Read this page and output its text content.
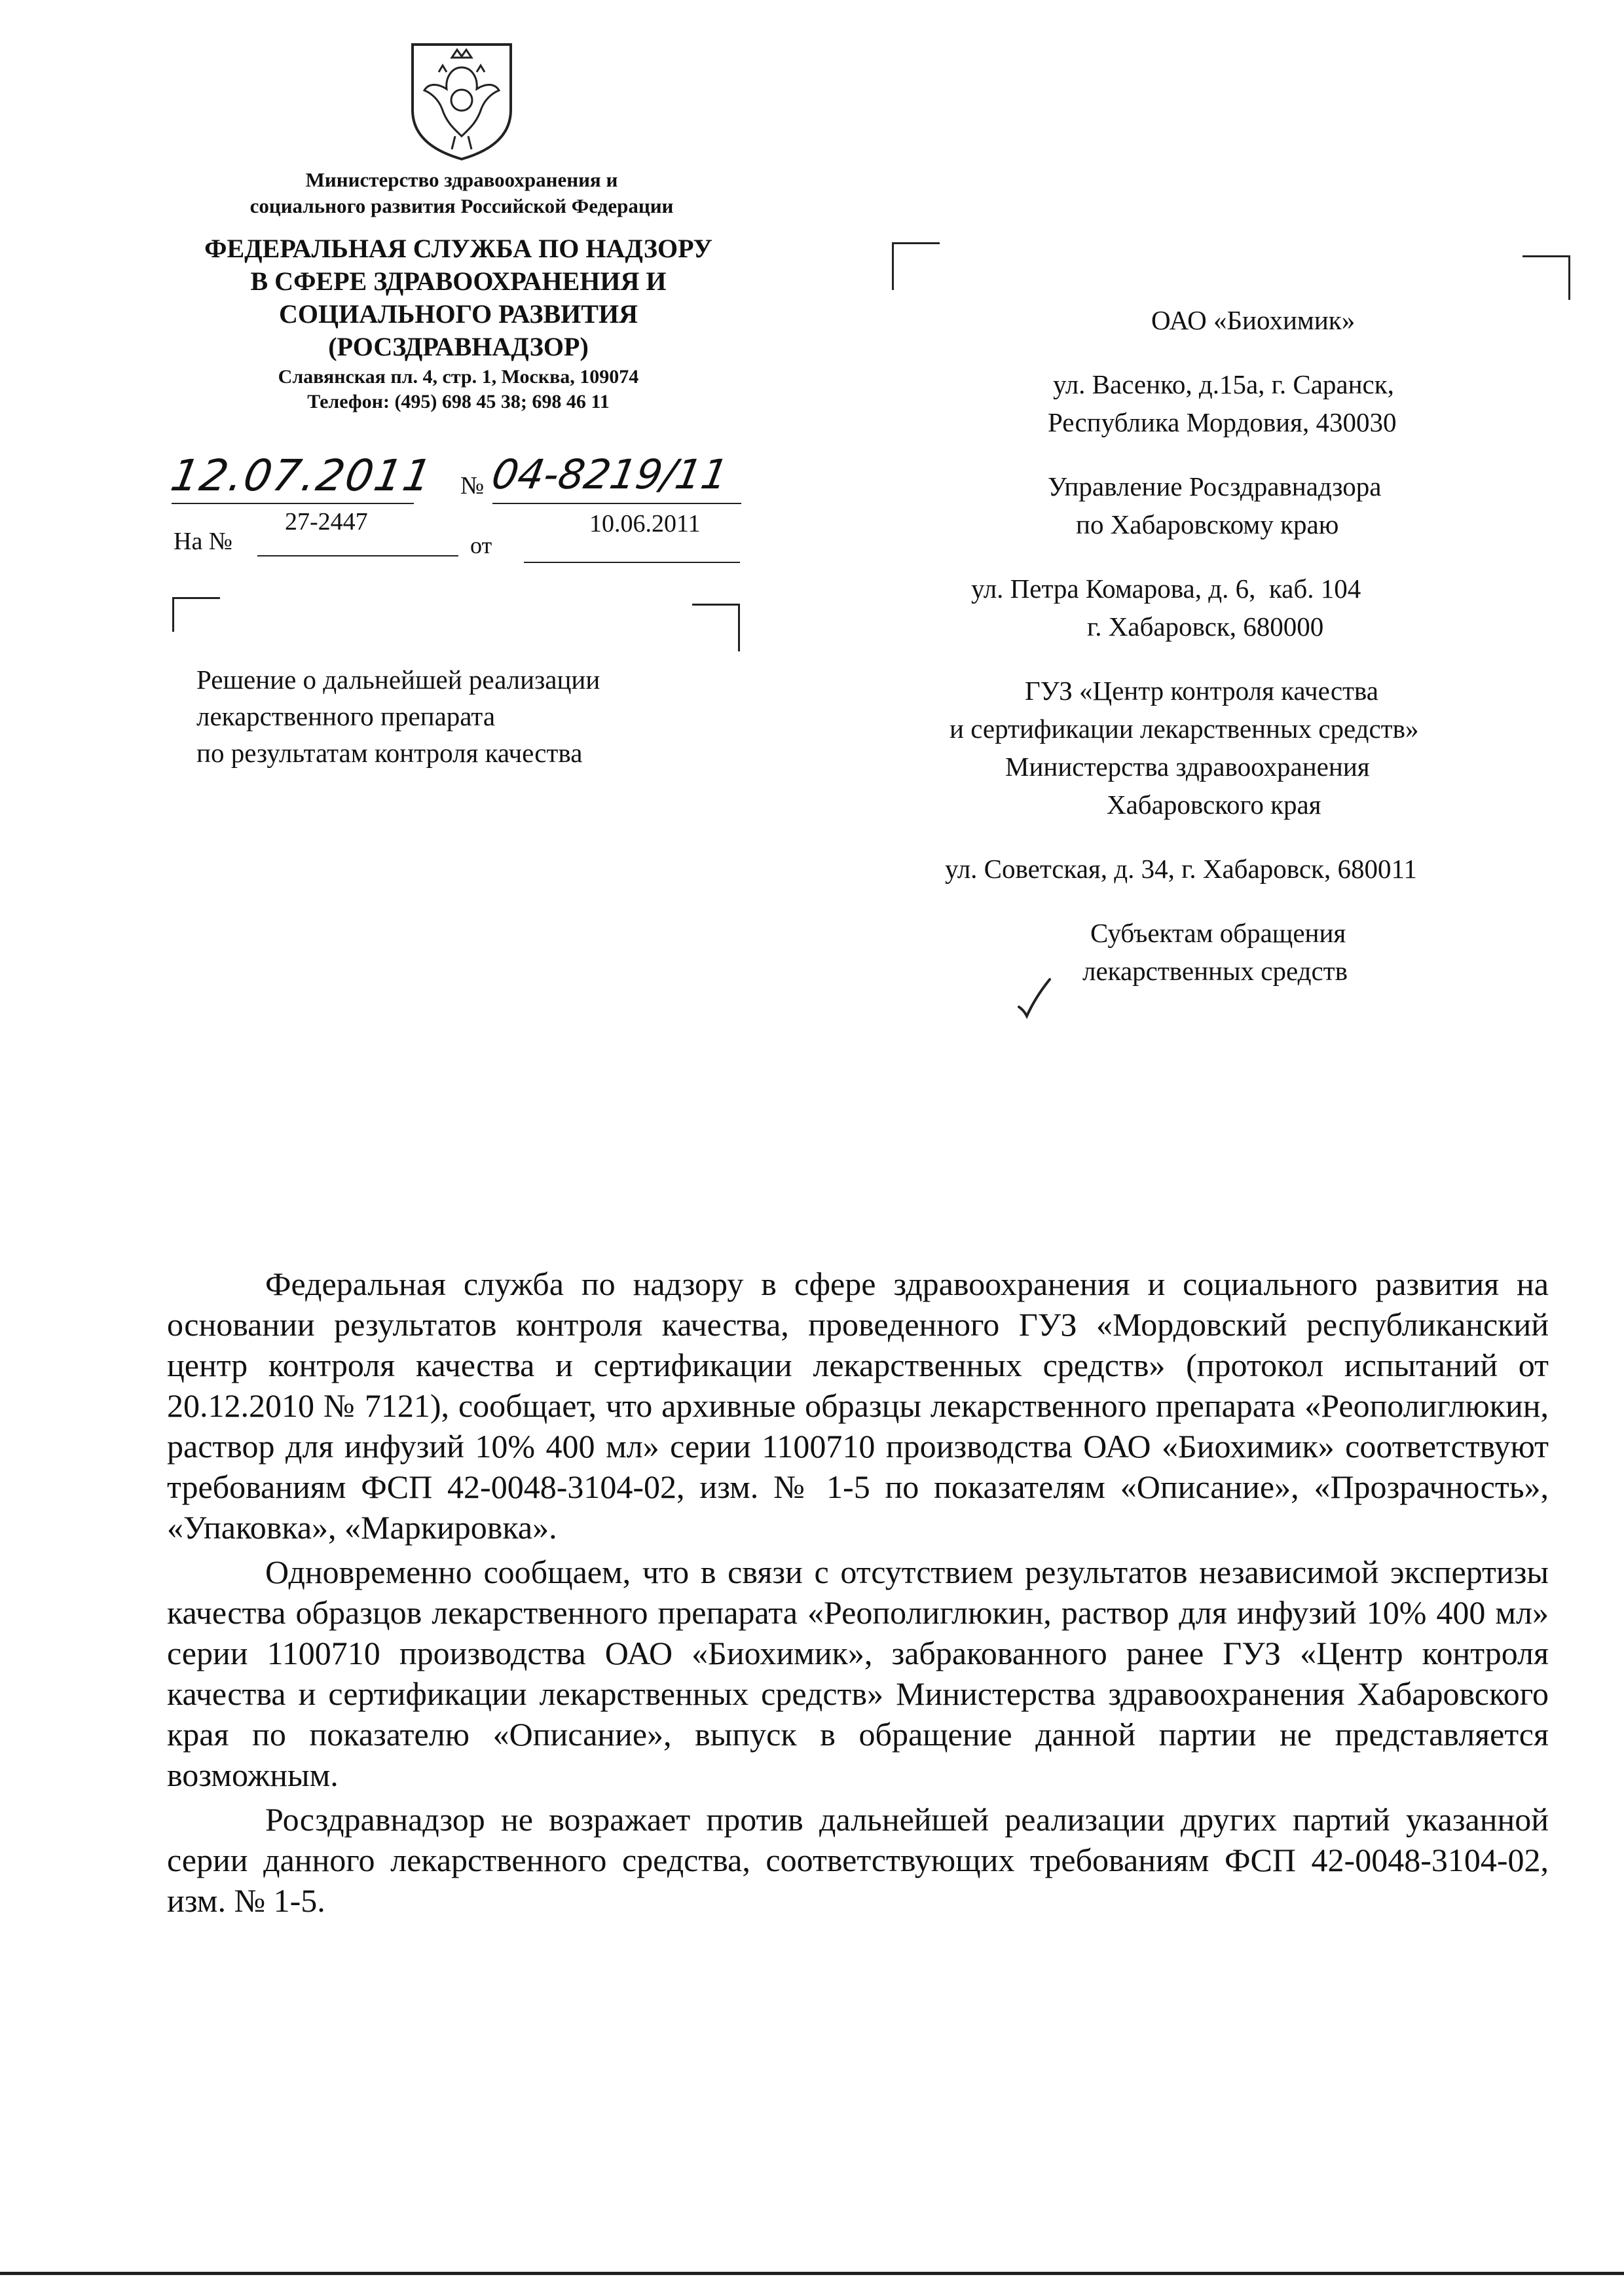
Министерство здравоохранения и
социального развития Российской Федерации
ФЕДЕРАЛЬНАЯ СЛУЖБА ПО НАДЗОРУ
В СФЕРЕ ЗДРАВООХРАНЕНИЯ И
СОЦИАЛЬНОГО РАЗВИТИЯ
(РОСЗДРАВНАДЗОР)
Славянская пл. 4, стр. 1, Москва, 109074
Телефон: (495) 698 45 38; 698 46 11
12.07.2011 № 04-8219/11
На №
27-2447
от
10.06.2011
Решение о дальнейшей реализации
лекарственного препарата
по результатам контроля качества
ОАО «Биохимик»
ул. Васенко, д.15а, г. Саранск,
Республика Мордовия, 430030
Управление Росздравнадзора
по Хабаровскому краю
ул. Петра Комарова, д. 6,  каб. 104
г. Хабаровск, 680000
ГУЗ «Центр контроля качества
и сертификации лекарственных средств»
Министерства здравоохранения
Хабаровского края
ул. Советская, д. 34, г. Хабаровск, 680011
Субъектам обращения
лекарственных средств

Федеральная служба по надзору в сфере здравоохранения и социального развития на основании результатов контроля качества, проведенного ГУЗ «Мордовский республиканский центр контроля качества и сертификации лекарственных средств» (протокол испытаний от 20.12.2010 № 7121), сообщает, что архивные образцы лекарственного препарата «Реополиглюкин, раствор для инфузий 10% 400 мл» серии 1100710 производства ОАО «Биохимик» соответствуют требованиям ФСП 42-0048-3104-02, изм. № 1-5 по показателям «Описание», «Прозрачность», «Упаковка», «Маркировка».

Одновременно сообщаем, что в связи с отсутствием результатов независимой экспертизы качества образцов лекарственного препарата «Реополиглюкин, раствор для инфузий 10% 400 мл» серии 1100710 производства ОАО «Биохимик», забракованного ранее ГУЗ «Центр контроля качества и сертификации лекарственных средств» Министерства здравоохранения Хабаровского края по показателю «Описание», выпуск в обращение данной партии не представляется возможным.

Росздравнадзор не возражает против дальнейшей реализации других партий указанной серии данного лекарственного средства, соответствующих требованиям ФСП 42-0048-3104-02, изм. № 1-5.
